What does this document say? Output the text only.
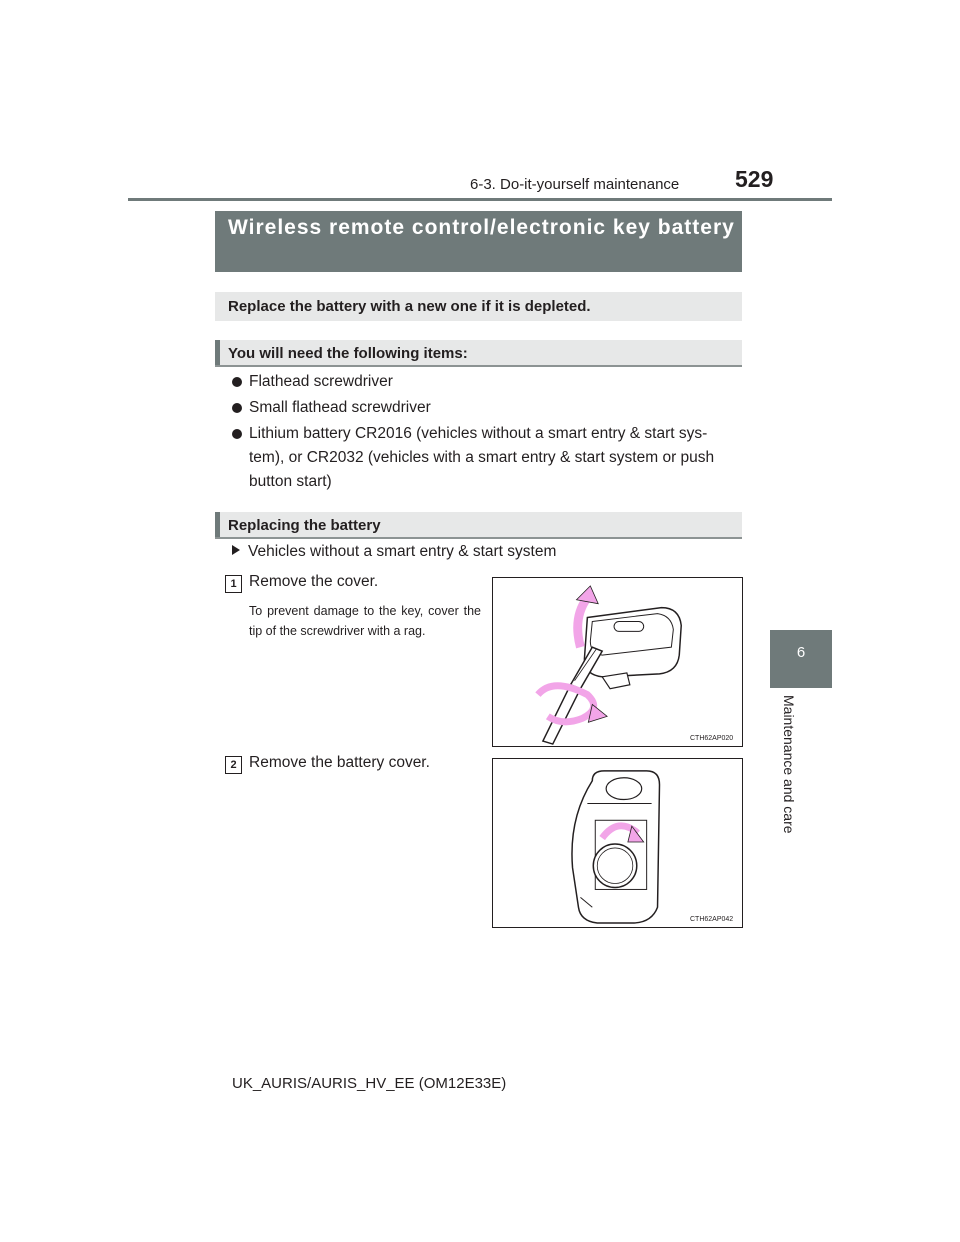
6-3. Do-it-yourself maintenance 529
6
Maintenance and care
Wireless remote control/electronic key battery
Replace the battery with a new one if it is depleted.
You will need the following items:
Flathead screwdriver
Small flathead screwdriver
Lithium battery CR2016 (vehicles without a smart entry & start sys-tem), or CR2032 (vehicles with a smart entry & start system or push button start)
Replacing the battery
Vehicles without a smart entry & start system
1 Remove the cover.
To prevent damage to the key, cover the tip of the screwdriver with a rag.
CTH62AP020
2 Remove the battery cover.
CTH62AP042
UK_AURIS/AURIS_HV_EE (OM12E33E)
